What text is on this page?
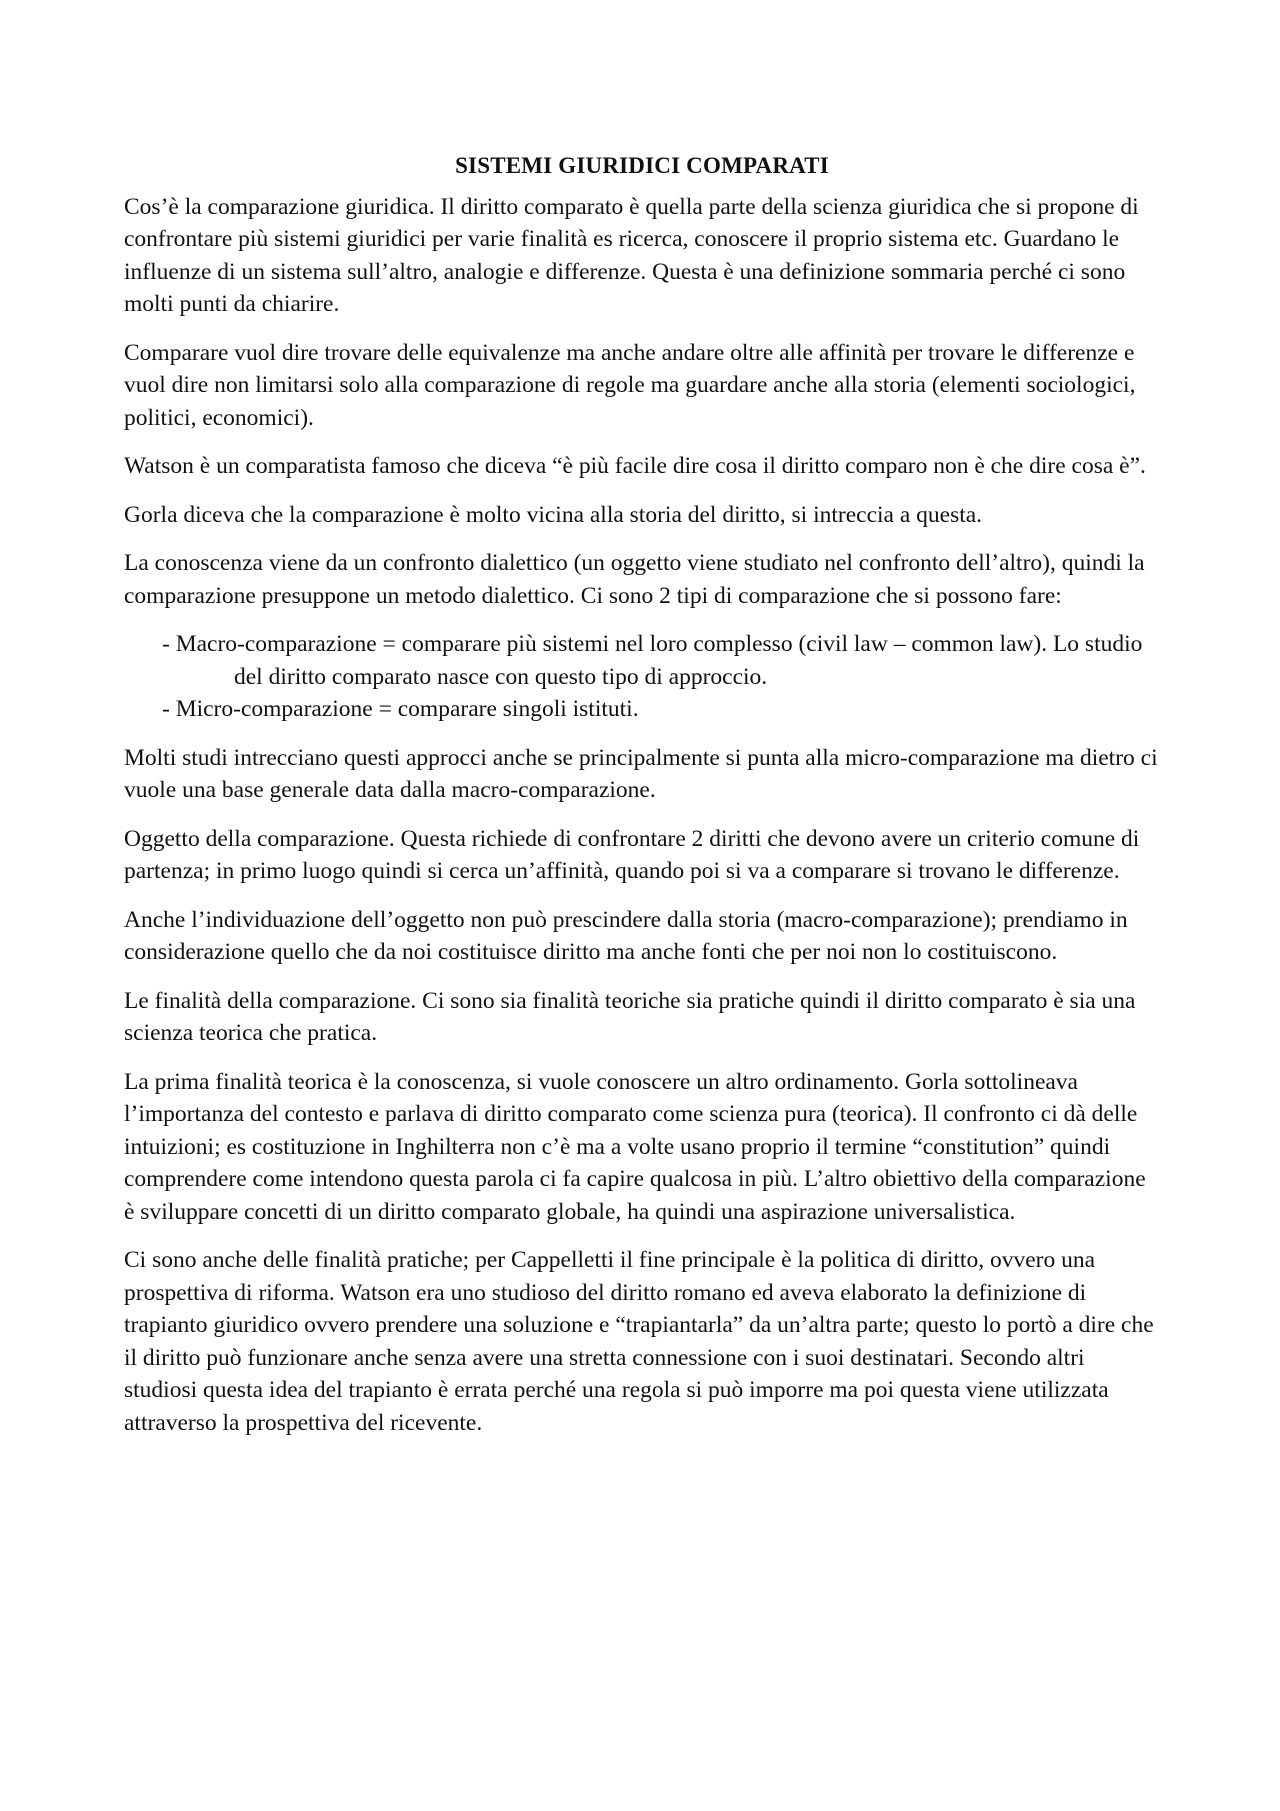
SISTEMI GIURIDICI COMPARATI

Cos’è la comparazione giuridica. Il diritto comparato è quella parte della scienza giuridica che si propone di confrontare più sistemi giuridici per varie finalità es ricerca, conoscere il proprio sistema etc. Guardano le influenze di un sistema sull’altro, analogie e differenze. Questa è una definizione sommaria perché ci sono molti punti da chiarire.

Comparare vuol dire trovare delle equivalenze ma anche andare oltre alle affinità per trovare le differenze e vuol dire non limitarsi solo alla comparazione di regole ma guardare anche alla storia (elementi sociologici, politici, economici).

Watson è un comparatista famoso che diceva “è più facile dire cosa il diritto comparo non è che dire cosa è”.

Gorla diceva che la comparazione è molto vicina alla storia del diritto, si intreccia a questa.

La conoscenza viene da un confronto dialettico (un oggetto viene studiato nel confronto dell’altro), quindi la comparazione presuppone un metodo dialettico. Ci sono 2 tipi di comparazione che si possono fare:

- Macro-comparazione = comparare più sistemi nel loro complesso (civil law – common law). Lo studio del diritto comparato nasce con questo tipo di approccio.
- Micro-comparazione = comparare singoli istituti.

Molti studi intrecciano questi approcci anche se principalmente si punta alla micro-comparazione ma dietro ci vuole una base generale data dalla macro-comparazione.

Oggetto della comparazione. Questa richiede di confrontare 2 diritti che devono avere un criterio comune di partenza; in primo luogo quindi si cerca un’affinità, quando poi si va a comparare si trovano le differenze.

Anche l’individuazione dell’oggetto non può prescindere dalla storia (macro-comparazione); prendiamo in considerazione quello che da noi costituisce diritto ma anche fonti che per noi non lo costituiscono.

Le finalità della comparazione. Ci sono sia finalità teoriche sia pratiche quindi il diritto comparato è sia una scienza teorica che pratica.

La prima finalità teorica è la conoscenza, si vuole conoscere un altro ordinamento. Gorla sottolineava l’importanza del contesto e parlava di diritto comparato come scienza pura (teorica). Il confronto ci dà delle intuizioni; es costituzione in Inghilterra non c’è ma a volte usano proprio il termine “constitution” quindi comprendere come intendono questa parola ci fa capire qualcosa in più. L’altro obiettivo della comparazione è sviluppare concetti di un diritto comparato globale, ha quindi una aspirazione universalistica.

Ci sono anche delle finalità pratiche; per Cappelletti il fine principale è la politica di diritto, ovvero una prospettiva di riforma. Watson era uno studioso del diritto romano ed aveva elaborato la definizione di trapianto giuridico ovvero prendere una soluzione e “trapiantarla” da un’altra parte; questo lo portò a dire che il diritto può funzionare anche senza avere una stretta connessione con i suoi destinatari. Secondo altri studiosi questa idea del trapianto è errata perché una regola si può imporre ma poi questa viene utilizzata attraverso la prospettiva del ricevente.
